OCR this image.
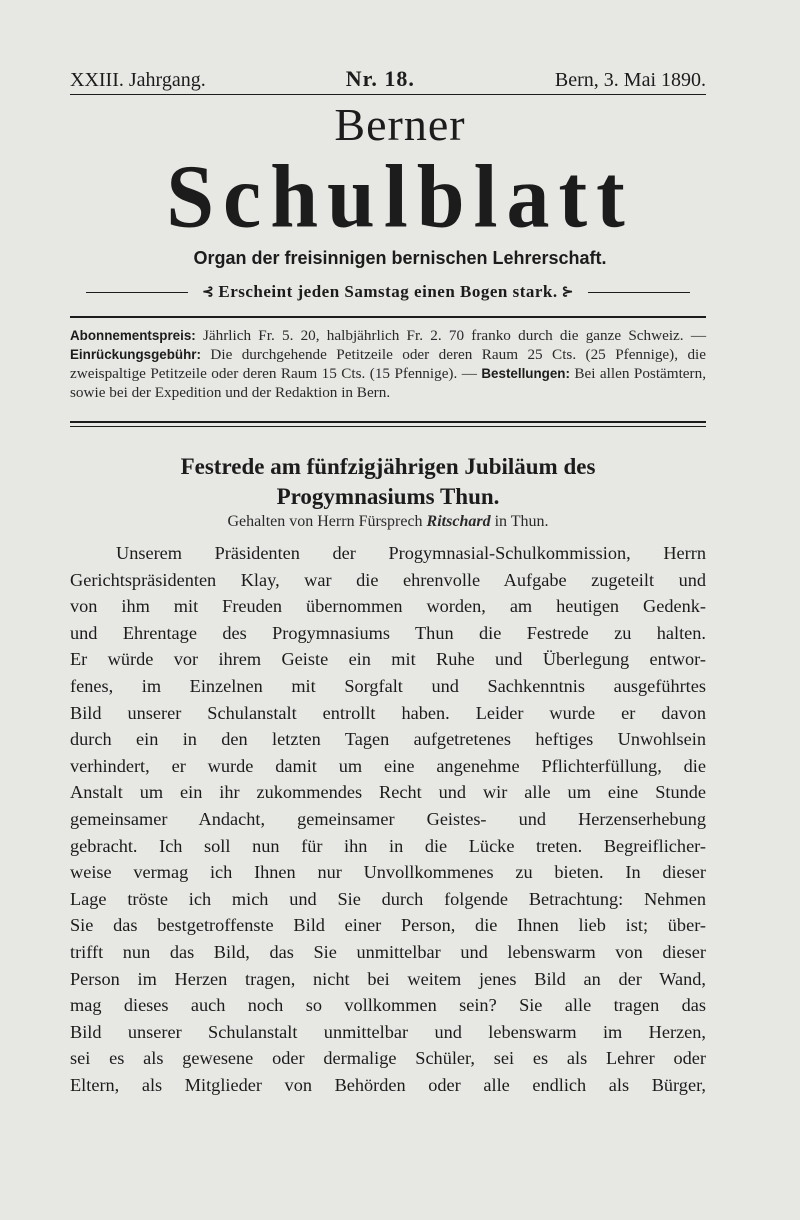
XXIII. Jahrgang.	Nr. 18.	Bern, 3. Mai 1890.
Berner
Schulblatt
Organ der freisinnigen bernischen Lehrerschaft.
⊰ Erscheint jeden Samstag einen Bogen stark. ⊱
Abonnementspreis: Jährlich Fr. 5. 20, halbjährlich Fr. 2. 70 franko durch die ganze Schweiz. — Einrückungsgebühr: Die durchgehende Petitzeile oder deren Raum 25 Cts. (25 Pfennige), die zweispaltige Petitzeile oder deren Raum 15 Cts. (15 Pfennige). — Bestellungen: Bei allen Postämtern, sowie bei der Expedition und der Redaktion in Bern.
Festrede am fünfzigjährigen Jubiläum des
Progymnasiums Thun.
Gehalten von Herrn Fürsprech Ritschard in Thun.
Unserem Präsidenten der Progymnasial-Schulkommission, Herrn
Gerichtspräsidenten Klay, war die ehrenvolle Aufgabe zugeteilt und
von ihm mit Freuden übernommen worden, am heutigen Gedenk-
und Ehrentage des Progymnasiums Thun die Festrede zu halten.
Er würde vor ihrem Geiste ein mit Ruhe und Überlegung entwor-
fenes, im Einzelnen mit Sorgfalt und Sachkenntnis ausgeführtes
Bild unserer Schulanstalt entrollt haben. Leider wurde er davon
durch ein in den letzten Tagen aufgetretenes heftiges Unwohlsein
verhindert, er wurde damit um eine angenehme Pflichterfüllung, die
Anstalt um ein ihr zukommendes Recht und wir alle um eine Stunde
gemeinsamer Andacht, gemeinsamer Geistes- und Herzenserhebung
gebracht. Ich soll nun für ihn in die Lücke treten. Begreiflicher-
weise vermag ich Ihnen nur Unvollkommenes zu bieten. In dieser
Lage tröste ich mich und Sie durch folgende Betrachtung: Nehmen
Sie das bestgetroffenste Bild einer Person, die Ihnen lieb ist; über-
trifft nun das Bild, das Sie unmittelbar und lebenswarm von dieser
Person im Herzen tragen, nicht bei weitem jenes Bild an der Wand,
mag dieses auch noch so vollkommen sein? Sie alle tragen das
Bild unserer Schulanstalt unmittelbar und lebenswarm im Herzen,
sei es als gewesene oder dermalige Schüler, sei es als Lehrer oder
Eltern, als Mitglieder von Behörden oder alle endlich als Bürger,
